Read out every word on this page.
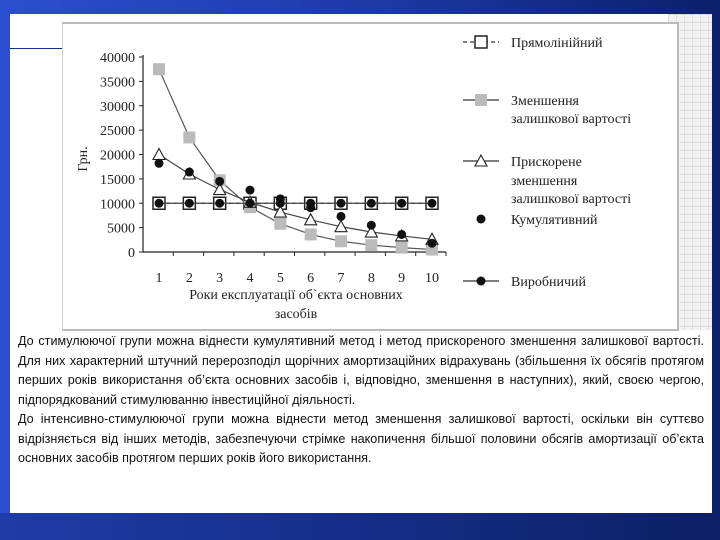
0
5000
10000
15000
20000
25000
30000
35000
40000
1 2 3 4 5 6 7 8 9 10
Роки експлуатації об`єкта основних
засобів
Грн.
Прямолінійний
Зменшення
залишкової вартості
Прискорене
зменшення
залишкової вартості
Кумулятивний
Виробничий

До стимулюючої групи можна віднести кумулятивний метод і метод прискореного зменшення залишкової вартості. Для них характерний штучний перерозподіл щорічних амортизаційних відрахувань (збільшення їх обсягів протягом перших років використання об’єкта основних засобів і, відповідно, зменшення в наступних), який, своєю чергою, підпорядкований стимулюванню інвестиційної діяльності.

До інтенсивно-стимулюючої групи можна віднести метод зменшення залишкової вартості, оскільки він суттєво відрізняється від інших методів, забезпечуючи стрімке накопичення більшої половини обсягів амортизації об’єкта основних засобів протягом перших років його використання.
